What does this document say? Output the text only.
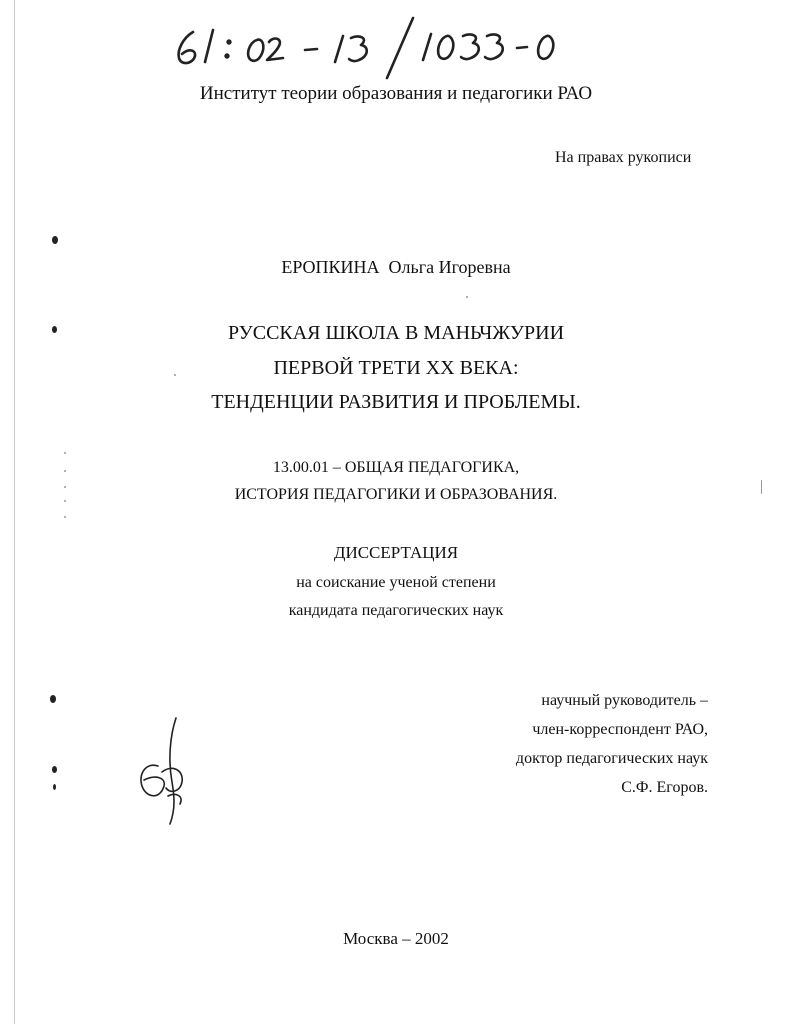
Институт теории образования и педагогики РАО
На правах рукописи
ЕРОПКИНА  Ольга Игоревна
РУССКАЯ ШКОЛА В МАНЬЧЖУРИИ
ПЕРВОЙ ТРЕТИ XX ВЕКА:
ТЕНДЕНЦИИ РАЗВИТИЯ И ПРОБЛЕМЫ.
13.00.01 – ОБЩАЯ ПЕДАГОГИКА,
ИСТОРИЯ ПЕДАГОГИКИ И ОБРАЗОВАНИЯ.
ДИССЕРТАЦИЯ
на соискание ученой степени
кандидата педагогических наук
научный руководитель –
член-корреспондент РАО,
доктор педагогических наук
С.Ф. Егоров.
Москва – 2002
